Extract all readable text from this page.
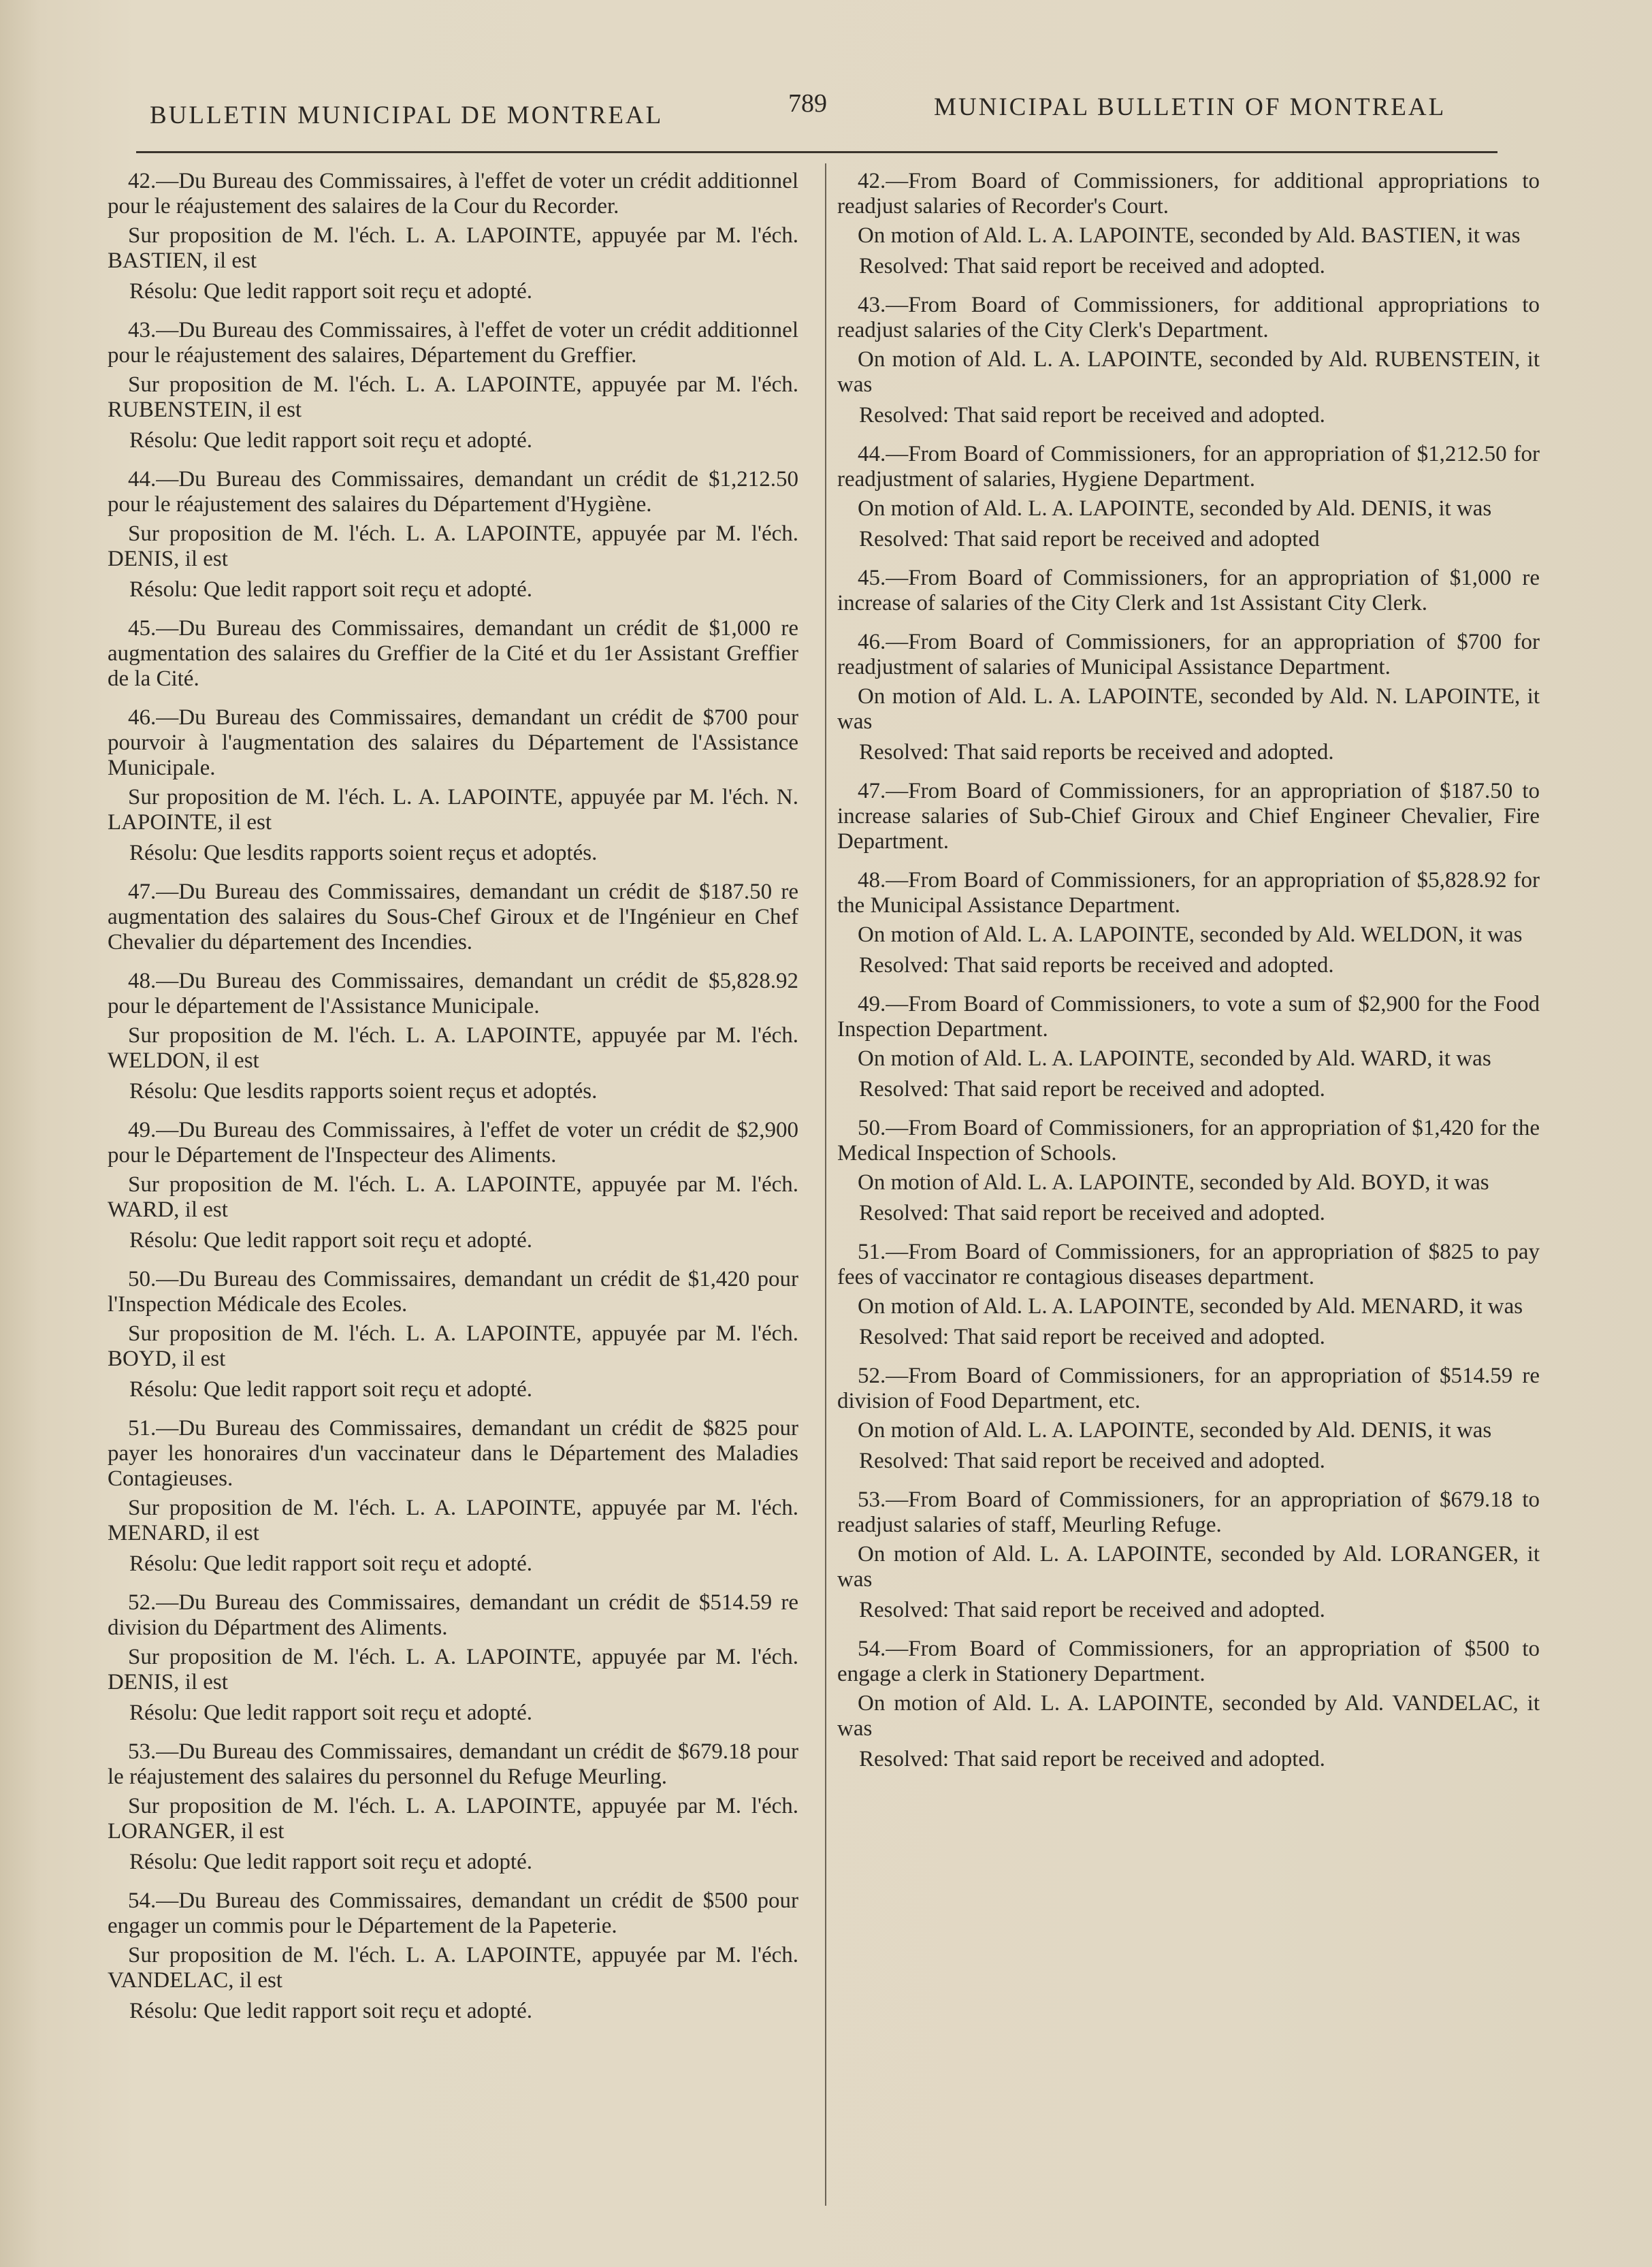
BULLETIN MUNICIPAL DE MONTREAL	789	MUNICIPAL BULLETIN OF MONTREAL

42.—Du Bureau des Commissaires, à l'effet de voter un crédit additionnel pour le réajustement des salaires de la Cour du Recorder.

Sur proposition de M. l'éch. L. A. LAPOINTE, appuyée par M. l'éch. BASTIEN, il est

Résolu: Que ledit rapport soit reçu et adopté.

43.—Du Bureau des Commissaires, à l'effet de voter un crédit additionnel pour le réajustement des salaires, Département du Greffier.

Sur proposition de M. l'éch. L. A. LAPOINTE, appuyée par M. l'éch. RUBENSTEIN, il est

Résolu: Que ledit rapport soit reçu et adopté.

44.—Du Bureau des Commissaires, demandant un crédit de $1,212.50 pour le réajustement des salaires du Département d'Hygiène.

Sur proposition de M. l'éch. L. A. LAPOINTE, appuyée par M. l'éch. DENIS, il est

Résolu: Que ledit rapport soit reçu et adopté.

45.—Du Bureau des Commissaires, demandant un crédit de $1,000 re augmentation des salaires du Greffier de la Cité et du 1er Assistant Greffier de la Cité.

46.—Du Bureau des Commissaires, demandant un crédit de $700 pour pourvoir à l'augmentation des salaires du Département de l'Assistance Municipale.

Sur proposition de M. l'éch. L. A. LAPOINTE, appuyée par M. l'éch. N. LAPOINTE, il est

Résolu: Que lesdits rapports soient reçus et adoptés.

47.—Du Bureau des Commissaires, demandant un crédit de $187.50 re augmentation des salaires du Sous-Chef Giroux et de l'Ingénieur en Chef Chevalier du département des Incendies.

48.—Du Bureau des Commissaires, demandant un crédit de $5,828.92 pour le département de l'Assistance Municipale.

Sur proposition de M. l'éch. L. A. LAPOINTE, appuyée par M. l'éch. WELDON, il est

Résolu: Que lesdits rapports soient reçus et adoptés.

49.—Du Bureau des Commissaires, à l'effet de voter un crédit de $2,900 pour le Département de l'Inspecteur des Aliments.

Sur proposition de M. l'éch. L. A. LAPOINTE, appuyée par M. l'éch. WARD, il est

Résolu: Que ledit rapport soit reçu et adopté.

50.—Du Bureau des Commissaires, demandant un crédit de $1,420 pour l'Inspection Médicale des Ecoles.

Sur proposition de M. l'éch. L. A. LAPOINTE, appuyée par M. l'éch. BOYD, il est

Résolu: Que ledit rapport soit reçu et adopté.

51.—Du Bureau des Commissaires, demandant un crédit de $825 pour payer les honoraires d'un vaccinateur dans le Département des Maladies Contagieuses.

Sur proposition de M. l'éch. L. A. LAPOINTE, appuyée par M. l'éch. MENARD, il est

Résolu: Que ledit rapport soit reçu et adopté.

52.—Du Bureau des Commissaires, demandant un crédit de $514.59 re division du Départment des Aliments.

Sur proposition de M. l'éch. L. A. LAPOINTE, appuyée par M. l'éch. DENIS, il est

Résolu: Que ledit rapport soit reçu et adopté.

53.—Du Bureau des Commissaires, demandant un crédit de $679.18 pour le réajustement des salaires du personnel du Refuge Meurling.

Sur proposition de M. l'éch. L. A. LAPOINTE, appuyée par M. l'éch. LORANGER, il est

Résolu: Que ledit rapport soit reçu et adopté.

54.—Du Bureau des Commissaires, demandant un crédit de $500 pour engager un commis pour le Département de la Papeterie.

Sur proposition de M. l'éch. L. A. LAPOINTE, appuyée par M. l'éch. VANDELAC, il est

Résolu: Que ledit rapport soit reçu et adopté.

42.—From Board of Commissioners, for additional appropriations to readjust salaries of Recorder's Court.

On motion of Ald. L. A. LAPOINTE, seconded by Ald. BASTIEN, it was

Resolved: That said report be received and adopted.

43.—From Board of Commissioners, for additional appropriations to readjust salaries of the City Clerk's Department.

On motion of Ald. L. A. LAPOINTE, seconded by Ald. RUBENSTEIN, it was

Resolved: That said report be received and adopted.

44.—From Board of Commissioners, for an appropriation of $1,212.50 for readjustment of salaries, Hygiene Department.

On motion of Ald. L. A. LAPOINTE, seconded by Ald. DENIS, it was

Resolved: That said report be received and adopted

45.—From Board of Commissioners, for an appropriation of $1,000 re increase of salaries of the City Clerk and 1st Assistant City Clerk.

46.—From Board of Commissioners, for an appropriation of $700 for readjustment of salaries of Municipal Assistance Department.

On motion of Ald. L. A. LAPOINTE, seconded by Ald. N. LAPOINTE, it was

Resolved: That said reports be received and adopted.

47.—From Board of Commissioners, for an appropriation of $187.50 to increase salaries of Sub-Chief Giroux and Chief Engineer Chevalier, Fire Department.

48.—From Board of Commissioners, for an appropriation of $5,828.92 for the Municipal Assistance Department.

On motion of Ald. L. A. LAPOINTE, seconded by Ald. WELDON, it was

Resolved: That said reports be received and adopted.

49.—From Board of Commissioners, to vote a sum of $2,900 for the Food Inspection Department.

On motion of Ald. L. A. LAPOINTE, seconded by Ald. WARD, it was

Resolved: That said report be received and adopted.

50.—From Board of Commissioners, for an appropriation of $1,420 for the Medical Inspection of Schools.

On motion of Ald. L. A. LAPOINTE, seconded by Ald. BOYD, it was

Resolved: That said report be received and adopted.

51.—From Board of Commissioners, for an appropriation of $825 to pay fees of vaccinator re contagious diseases department.

On motion of Ald. L. A. LAPOINTE, seconded by Ald. MENARD, it was

Resolved: That said report be received and adopted.

52.—From Board of Commissioners, for an appropriation of $514.59 re division of Food Department, etc.

On motion of Ald. L. A. LAPOINTE, seconded by Ald. DENIS, it was

Resolved: That said report be received and adopted.

53.—From Board of Commissioners, for an appropriation of $679.18 to readjust salaries of staff, Meurling Refuge.

On motion of Ald. L. A. LAPOINTE, seconded by Ald. LORANGER, it was

Resolved: That said report be received and adopted.

54.—From Board of Commissioners, for an appropriation of $500 to engage a clerk in Stationery Department.

On motion of Ald. L. A. LAPOINTE, seconded by Ald. VANDELAC, it was

Resolved: That said report be received and adopted.
